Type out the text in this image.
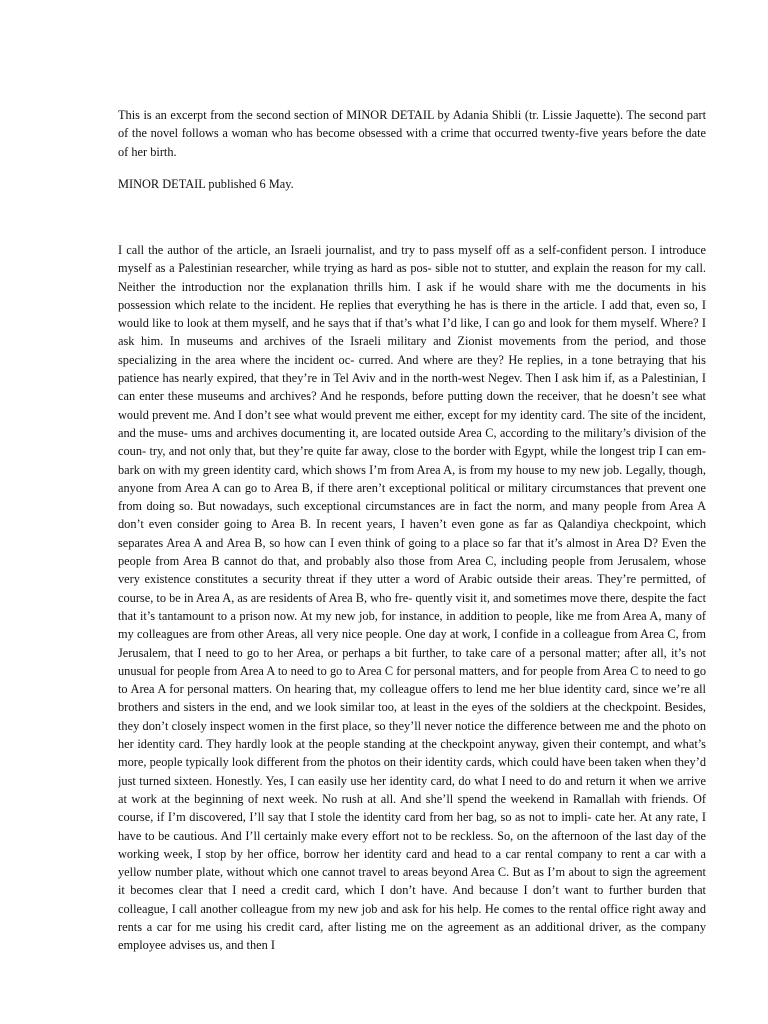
This is an excerpt from the second section of MINOR DETAIL by Adania Shibli (tr. Lissie Jaquette). The second part of the novel follows a woman who has become obsessed with a crime that occurred twenty-five years before the date of her birth.

MINOR DETAIL published 6 May.

I call the author of the article, an Israeli journalist, and try to pass myself off as a self-confident person. I introduce myself as a Palestinian researcher, while trying as hard as pos- sible not to stutter, and explain the reason for my call. Neither the introduction nor the explanation thrills him. I ask if he would share with me the documents in his possession which relate to the incident. He replies that everything he has is there in the article. I add that, even so, I would like to look at them myself, and he says that if that’s what I’d like, I can go and look for them myself. Where? I ask him. In museums and archives of the Israeli military and Zionist movements from the period, and those specializing in the area where the incident oc- curred. And where are they? He replies, in a tone betraying that his patience has nearly expired, that they’re in Tel Aviv and in the north-west Negev. Then I ask him if, as a Palestinian, I can enter these museums and archives? And he responds, before putting down the receiver, that he doesn’t see what would prevent me. And I don’t see what would prevent me either, except for my identity card. The site of the incident, and the muse- ums and archives documenting it, are located outside Area C, according to the military’s division of the coun- try, and not only that, but they’re quite far away, close to the border with Egypt, while the longest trip I can em- bark on with my green identity card, which shows I’m from Area A, is from my house to my new job. Legally, though, anyone from Area A can go to Area B, if there aren’t exceptional political or military circumstances that prevent one from doing so. But nowadays, such exceptional circumstances are in fact the norm, and many people from Area A don’t even consider going to Area B. In recent years, I haven’t even gone as far as Qalandiya checkpoint, which separates Area A and Area B, so how can I even think of going to a place so far that it’s almost in Area D? Even the people from Area B cannot do that, and probably also those from Area C, including people from Jerusalem, whose very existence constitutes a security threat if they utter a word of Arabic outside their areas. They’re permitted, of course, to be in Area A, as are residents of Area B, who fre- quently visit it, and sometimes move there, despite the fact that it’s tantamount to a prison now. At my new job, for instance, in addition to people, like me from Area A, many of my colleagues are from other Areas, all very nice people. One day at work, I confide in a colleague from Area C, from Jerusalem, that I need to go to her Area, or perhaps a bit further, to take care of a personal matter; after all, it’s not unusual for people from Area A to need to go to Area C for personal matters, and for people from Area C to need to go to Area A for personal matters. On hearing that, my colleague offers to lend me her blue identity card, since we’re all brothers and sisters in the end, and we look similar too, at least in the eyes of the soldiers at the checkpoint. Besides, they don’t closely inspect women in the first place, so they’ll never notice the difference between me and the photo on her identity card. They hardly look at the people standing at the checkpoint anyway, given their contempt, and what’s more, people typically look different from the photos on their identity cards, which could have been taken when they’d just turned sixteen. Honestly. Yes, I can easily use her identity card, do what I need to do and return it when we arrive at work at the beginning of next week. No rush at all. And she’ll spend the weekend in Ramallah with friends. Of course, if I’m discovered, I’ll say that I stole the identity card from her bag, so as not to impli- cate her. At any rate, I have to be cautious. And I’ll certainly make every effort not to be reckless. So, on the afternoon of the last day of the working week, I stop by her office, borrow her identity card and head to a car rental company to rent a car with a yellow number plate, without which one cannot travel to areas beyond Area C. But as I’m about to sign the agreement it becomes clear that I need a credit card, which I don’t have. And because I don’t want to further burden that colleague, I call another colleague from my new job and ask for his help. He comes to the rental office right away and rents a car for me using his credit card, after listing me on the agreement as an additional driver, as the company employee advises us, and then I
